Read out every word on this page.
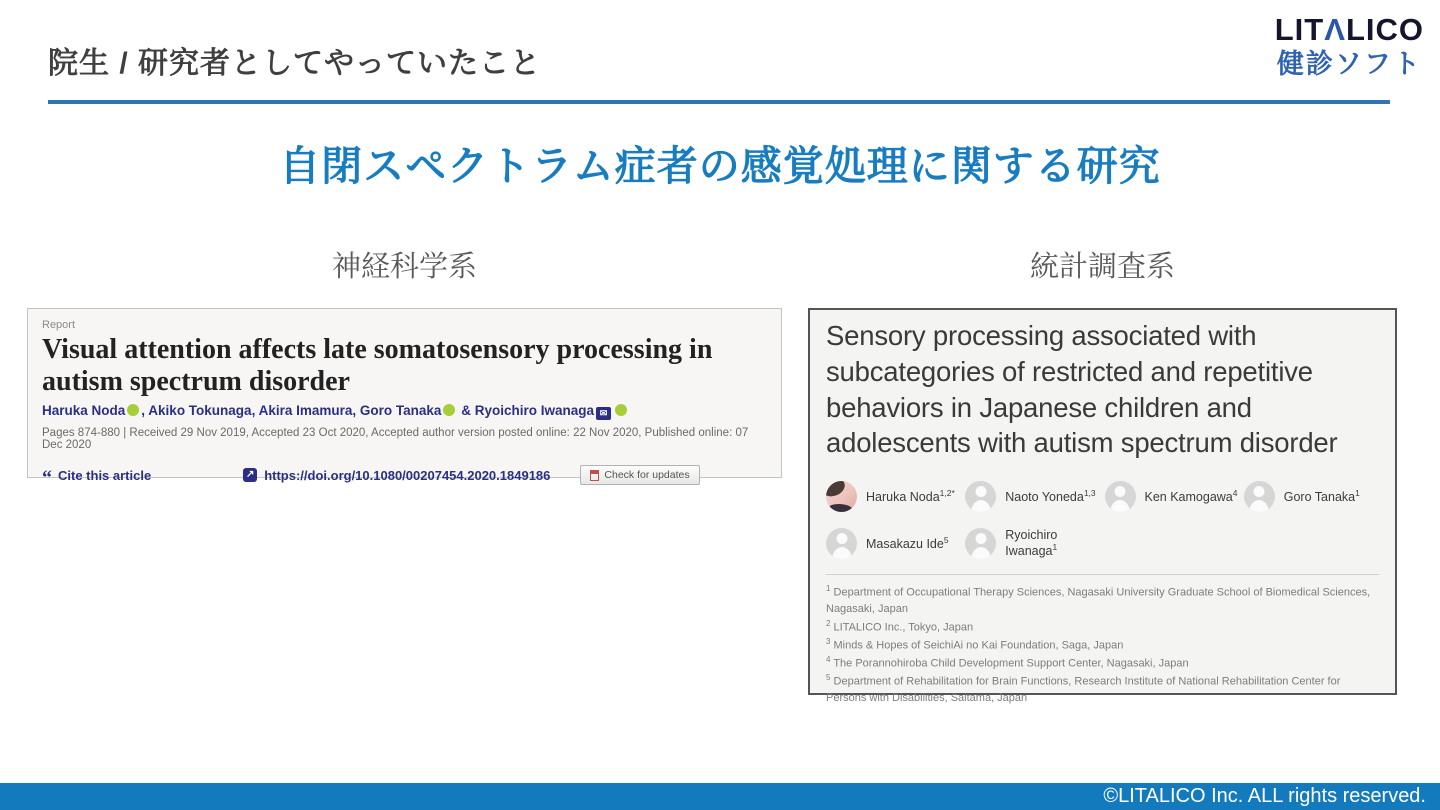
院生 / 研究者としてやっていたこと
LITΛLICO
健診ソフト
自閉スペクトラム症者の感覚処理に関する研究
神経科学系	統計調査系
Report
Visual attention affects late somatosensory processing in autism spectrum disorder
Haruka Noda , Akiko Tokunaga, Akira Imamura, Goro Tanaka & Ryoichiro Iwanaga ✉
Pages 874-880 | Received 29 Nov 2019, Accepted 23 Oct 2020, Accepted author version posted online: 22 Nov 2020, Published online: 07 Dec 2020
“ Cite this article	↗ https://doi.org/10.1080/00207454.2020.1849186	Check for updates
Sensory processing associated with subcategories of restricted and repetitive behaviors in Japanese children and adolescents with autism spectrum disorder
Haruka Noda$^{1,2*}$	Naoto Yoneda$^{1,3}$	Ken Kamogawa$^4$	Goro Tanaka$^1$
Masakazu Ide$^5$	Ryoichiro Iwanaga$^1$
$^1$ Department of Occupational Therapy Sciences, Nagasaki University Graduate School of Biomedical Sciences, Nagasaki, Japan
$^2$ LITALICO Inc., Tokyo, Japan
$^3$ Minds & Hopes of SeichiAi no Kai Foundation, Saga, Japan
$^4$ The Porannohiroba Child Development Support Center, Nagasaki, Japan
$^5$ Department of Rehabilitation for Brain Functions, Research Institute of National Rehabilitation Center for Persons with Disabilities, Saitama, Japan
©LITALICO Inc. ALL rights reserved.
